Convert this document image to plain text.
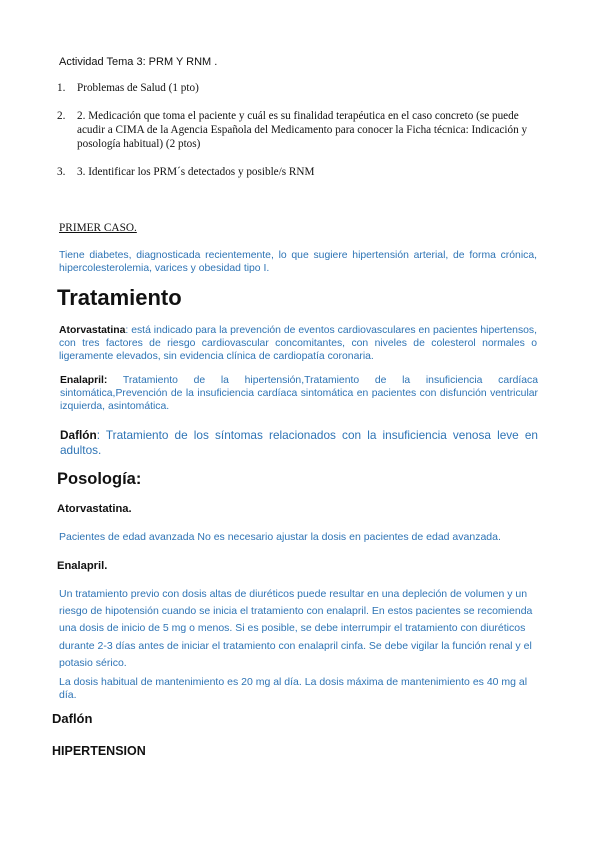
Actividad Tema 3: PRM Y RNM .
1. Problemas de Salud (1 pto)
2. 2. Medicación que toma el paciente y cuál es su finalidad terapéutica en el caso concreto (se puede acudir a CIMA de la Agencia Española del Medicamento para conocer la Ficha técnica: Indicación y posología habitual) (2 ptos)
3. 3. Identificar los PRM´s detectados y posible/s RNM
PRIMER CASO.
Tiene diabetes, diagnosticada recientemente, lo que sugiere hipertensión arterial, de forma crónica, hipercolesterolemia, varices y obesidad tipo I.
Tratamiento
Atorvastatina: está indicado para la prevención de eventos cardiovasculares en pacientes hipertensos, con tres factores de riesgo cardiovascular concomitantes, con niveles de colesterol normales o ligeramente elevados, sin evidencia clínica de cardiopatía coronaria.
Enalapril: Tratamiento de la hipertensión,Tratamiento de la insuficiencia cardíaca sintomática,Prevención de la insuficiencia cardíaca sintomática en pacientes con disfunción ventricular izquierda, asintomática.
Daflón: Tratamiento de los síntomas relacionados con la insuficiencia venosa leve en adultos.
Posología:
Atorvastatina.
Pacientes de edad avanzada No es necesario ajustar la dosis en pacientes de edad avanzada.
Enalapril.
Un tratamiento previo con dosis altas de diuréticos puede resultar en una depleción de volumen y un riesgo de hipotensión cuando se inicia el tratamiento con enalapril. En estos pacientes se recomienda una dosis de inicio de 5 mg o menos. Si es posible, se debe interrumpir el tratamiento con diuréticos durante 2-3 días antes de iniciar el tratamiento con enalapril cinfa. Se debe vigilar la función renal y el potasio sérico.
La dosis habitual de mantenimiento es 20 mg al día. La dosis máxima de mantenimiento es 40 mg al día.
Daflón
HIPERTENSION
